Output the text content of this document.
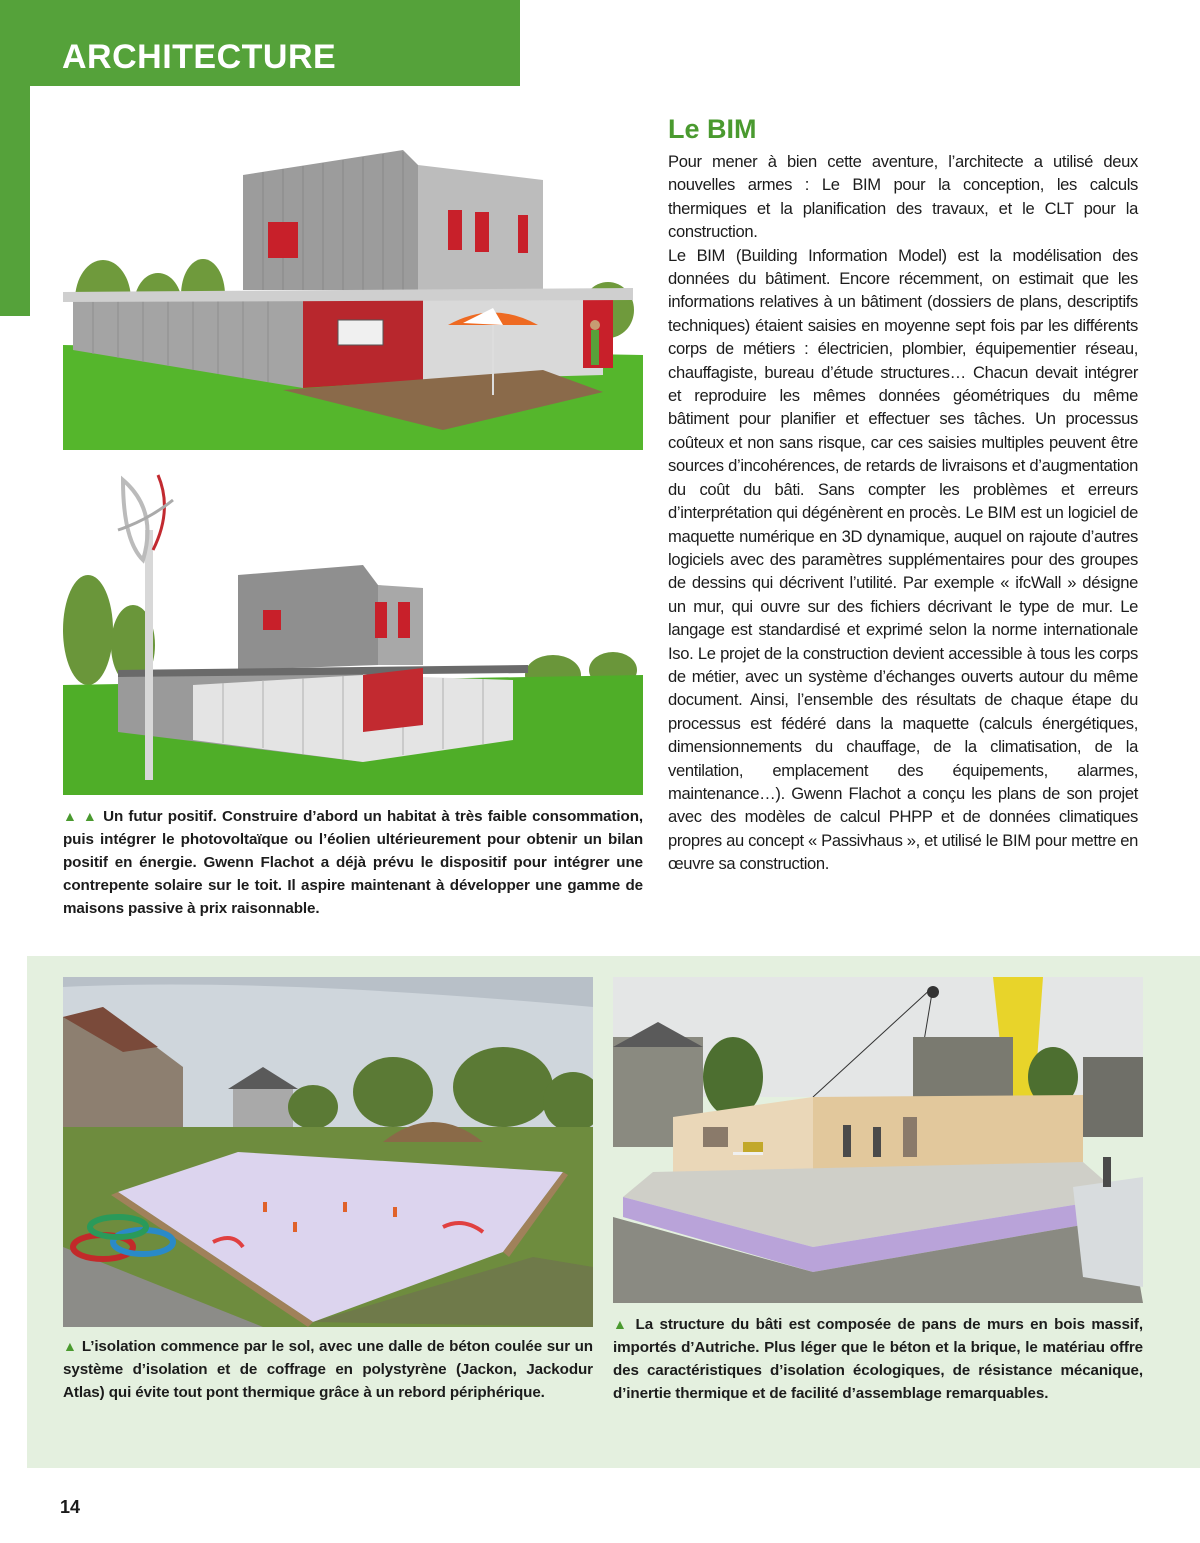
ARCHITECTURE
▲ ▲ Un futur positif. Construire d’abord un habitat à très faible consommation, puis intégrer le photovoltaïque ou l’éolien ultérieurement pour obtenir un bilan positif en énergie. Gwenn Flachot a déjà prévu le dispositif pour intégrer une contrepente solaire sur le toit. Il aspire maintenant à développer une gamme de maisons passive à prix raisonnable.
Le BIM

Pour mener à bien cette aventure, l’architecte a utilisé deux nouvelles armes : Le BIM pour la conception, les calculs thermiques et la planification des travaux, et le CLT pour la construction.

Le BIM (Building Information Model) est la modélisation des données du bâtiment. Encore récemment, on estimait que les informations relatives à un bâtiment (dossiers de plans, descriptifs techniques) étaient saisies en moyenne sept fois par les différents corps de métiers : électricien, plombier, équipementier réseau, chauffagiste, bureau d’étude structures… Chacun devait intégrer et reproduire les mêmes données géométriques du même bâtiment pour planifier et effectuer ses tâches. Un processus coûteux et non sans risque, car ces saisies multiples peuvent être sources d’incohérences, de retards de livraisons et d’augmentation du coût du bâti. Sans compter les problèmes et erreurs d’interprétation qui dégénèrent en procès. Le BIM est un logiciel de maquette numérique en 3D dynamique, auquel on rajoute d’autres logiciels avec des paramètres supplémentaires pour des groupes de dessins qui décrivent l’utilité. Par exemple « ifcWall » désigne un mur, qui ouvre sur des fichiers décrivant le type de mur. Le langage est standardisé et exprimé selon la norme internationale Iso. Le projet de la construction devient accessible à tous les corps de métier, avec un système d’échanges ouverts autour du même document. Ainsi, l’ensemble des résultats de chaque étape du processus est fédéré dans la maquette (calculs énergétiques, dimensionnements du chauffage, de la climatisation, de la ventilation, emplacement des équipements, alarmes, maintenance…). Gwenn Flachot a conçu les plans de son projet avec des modèles de calcul PHPP et de données climatiques propres au concept « Passivhaus », et utilisé le BIM pour mettre en œuvre sa construction.

▲ L’isolation commence par le sol, avec une dalle de béton coulée sur un système d’isolation et de coffrage en polystyrène (Jackon, Jackodur Atlas) qui évite tout pont thermique grâce à un rebord périphérique.
▲ La structure du bâti est composée de pans de murs en bois massif, importés d’Autriche. Plus léger que le béton et la brique, le matériau offre des caractéristiques d’isolation écologiques, de résistance mécanique, d’inertie thermique et de facilité d’assemblage remarquables.
14
